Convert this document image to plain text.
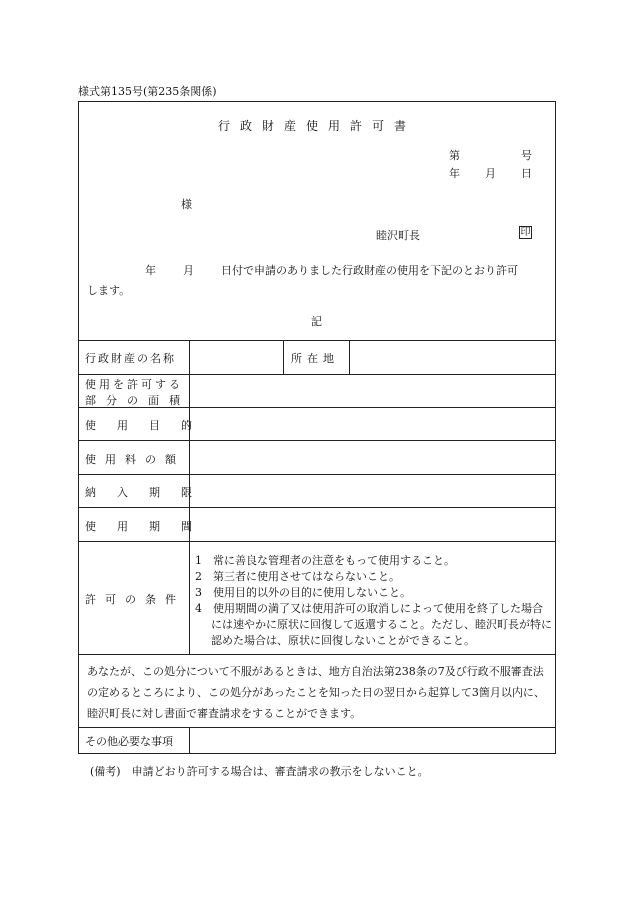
様式第135号(第235条関係)
行政財産使用許可書
第	号
年 月 日
様
睦沢町長	印
年 月 日付で申請のありました行政財産の使用を下記のとおり許可
します。
記
行政財産の名称	所在地
使用を許可する
部分の面積
使用目的
使用料の額
納入期限
使用期間
許可の条件
1　常に善良な管理者の注意をもって使用すること。
2　第三者に使用させてはならないこと。
3　使用目的以外の目的に使用しないこと。
4　使用期間の満了又は使用許可の取消しによって使用を終了した場合には速やかに原状に回復して返還すること。ただし、睦沢町長が特に認めた場合は、原状に回復しないことができること。
あなたが、この処分について不服があるときは、地方自治法第238条の7及び行政不服審査法の定めるところにより、この処分があったことを知った日の翌日から起算して3箇月以内に、睦沢町長に対し書面で審査請求をすることができます。
その他必要な事項
(備考)　申請どおり許可する場合は、審査請求の教示をしないこと。
